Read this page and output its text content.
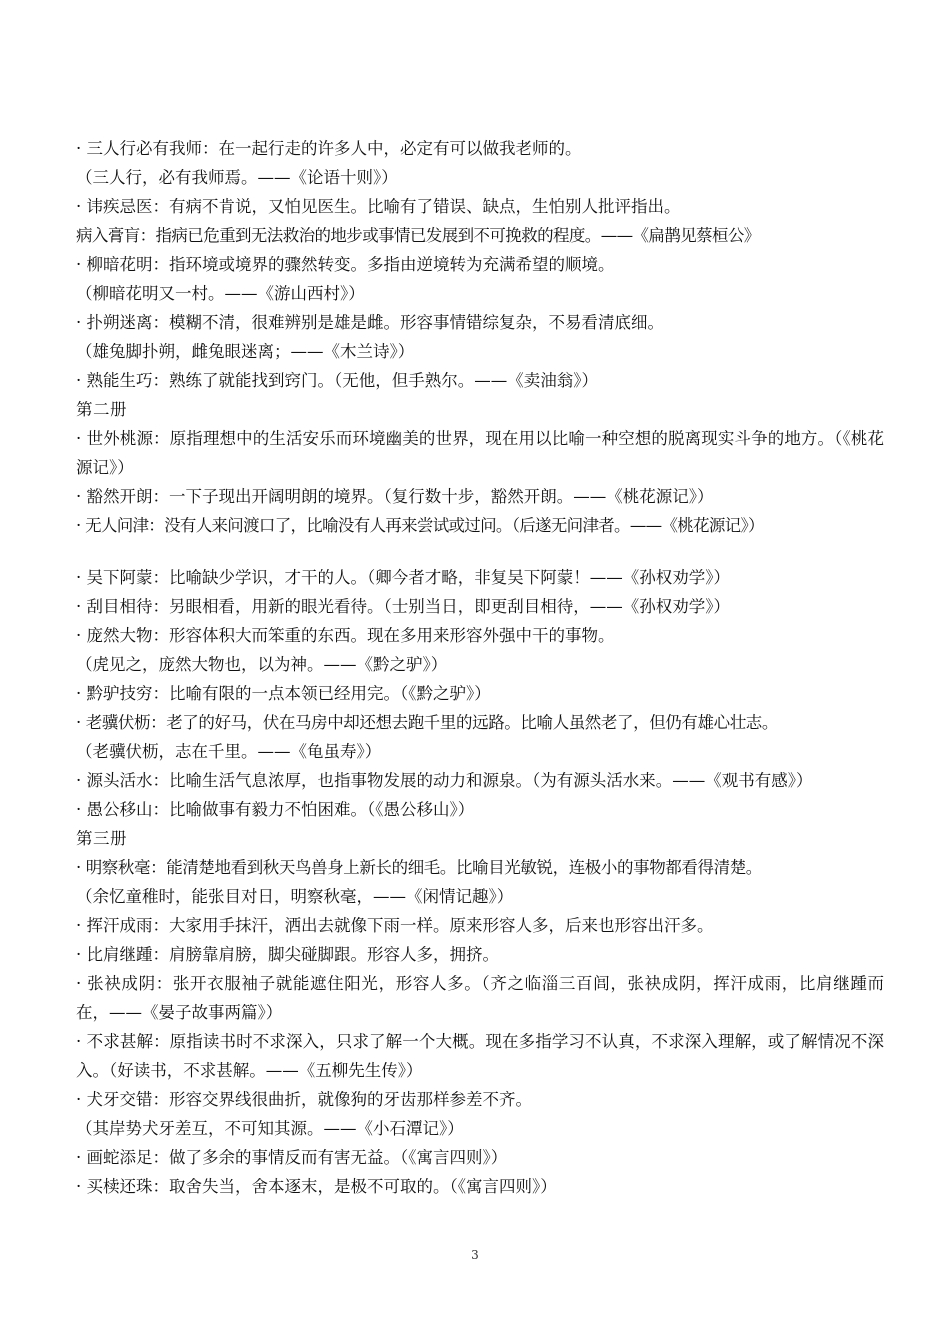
· 三人行必有我师：在一起行走的许多人中，必定有可以做我老师的。
（三人行，必有我师焉。——《论语十则》）
· 讳疾忌医：有病不肯说，又怕见医生。比喻有了错误、缺点，生怕别人批评指出。
病入膏肓：指病已危重到无法救治的地步或事情已发展到不可挽救的程度。——《扁鹊见蔡桓公》
· 柳暗花明：指环境或境界的骤然转变。多指由逆境转为充满希望的顺境。
（柳暗花明又一村。——《游山西村》）
· 扑朔迷离：模糊不清，很难辨别是雄是雌。形容事情错综复杂，不易看清底细。
（雄兔脚扑朔，雌兔眼迷离；——《木兰诗》）
· 熟能生巧：熟练了就能找到窍门。（无他，但手熟尔。——《卖油翁》）
第二册
· 世外桃源：原指理想中的生活安乐而环境幽美的世界，现在用以比喻一种空想的脱离现实斗争的地方。（《桃花源记》）
· 豁然开朗：一下子现出开阔明朗的境界。（复行数十步，豁然开朗。——《桃花源记》）
· 无人问津：没有人来问渡口了，比喻没有人再来尝试或过问。（后遂无问津者。——《桃花源记》）
· 吴下阿蒙：比喻缺少学识，才干的人。（卿今者才略，非复吴下阿蒙！——《孙权劝学》）
· 刮目相待：另眼相看，用新的眼光看待。（士别当日，即更刮目相待，——《孙权劝学》）
· 庞然大物：形容体积大而笨重的东西。现在多用来形容外强中干的事物。
（虎见之，庞然大物也，以为神。——《黔之驴》）
· 黔驴技穷：比喻有限的一点本领已经用完。（《黔之驴》）
· 老骥伏枥：老了的好马，伏在马房中却还想去跑千里的远路。比喻人虽然老了，但仍有雄心壮志。
（老骥伏枥，志在千里。——《龟虽寿》）
· 源头活水：比喻生活气息浓厚，也指事物发展的动力和源泉。（为有源头活水来。——《观书有感》）
· 愚公移山：比喻做事有毅力不怕困难。（《愚公移山》）
第三册
· 明察秋毫：能清楚地看到秋天鸟兽身上新长的细毛。比喻目光敏锐，连极小的事物都看得清楚。
（余忆童稚时，能张目对日，明察秋毫，——《闲情记趣》）
· 挥汗成雨：大家用手抹汗，洒出去就像下雨一样。原来形容人多，后来也形容出汗多。
· 比肩继踵：肩膀靠肩膀，脚尖碰脚跟。形容人多，拥挤。
· 张袂成阴：张开衣服袖子就能遮住阳光，形容人多。（齐之临淄三百闾，张袂成阴，挥汗成雨，比肩继踵而在，——《晏子故事两篇》）
· 不求甚解：原指读书时不求深入，只求了解一个大概。现在多指学习不认真，不求深入理解，或了解情况不深入。（好读书，不求甚解。——《五柳先生传》）
· 犬牙交错：形容交界线很曲折，就像狗的牙齿那样参差不齐。
（其岸势犬牙差互，不可知其源。——《小石潭记》）
· 画蛇添足：做了多余的事情反而有害无益。（《寓言四则》）
· 买椟还珠：取舍失当，舍本逐末，是极不可取的。（《寓言四则》）
3
